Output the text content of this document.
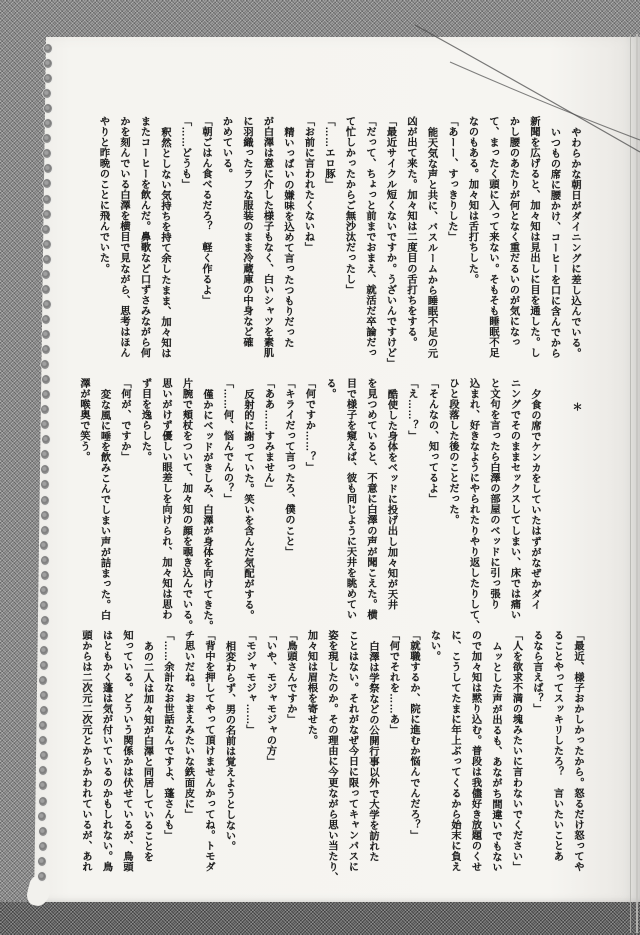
やわらかな朝日がダイニングに差し込んでいる。
いつもの席に腰かけ、コーヒーを口に含んでから
新聞を広げると、加々知は見出しに目を通した。し
かし腰のあたりが何となく重だるいのが気になっ
て、まったく頭に入って来ない。そもそも睡眠不足
なのもある。加々知は舌打ちした。
「あーー、すっきりした」
能天気な声と共に、バスルームから睡眠不足の元
凶が出て来た。加々知は二度目の舌打ちをする。
「最近サイクル短くないですか。うざいんですけど」
「だって、ちょっと前までおまえ、就活だ卒論だっ
て忙しかったからご無沙汰だったし」
「……エロ豚」
「お前に言われたくないね」
精いっぱいの嫌味を込めて言ったつもりだった
が白澤は意に介した様子もなく、白いシャツを素肌
に羽織ったラフな服装のまま冷蔵庫の中身など確
かめている。
「朝ごはん食べるだろ？　軽く作るよ」
「……どうも」
釈然としない気持ちを持て余したまま、加々知は
またコーヒーを飲んだ。鼻歌など口ずさみながら何
かを刻んでいる白澤を横目で見ながら、思考はほん
やりと昨晩のことに飛んでいた。
＊
夕食の席でケンカをしていたはずがなぜかダイ
ニングでそのままセックスしてしまい、床では痛い
と文句を言ったら白澤の部屋のベッドに引っ張り
込まれ、好きなようにやられたりやり返したりして、
ひと段落した後のことだった。
「そんなの、知ってるよ」
「え……？」
酷使した身体をベッドに投げ出し加々知が天井
を見つめていると、不意に白澤の声が聞こえた。横
目で様子を窺えば、彼も同じように天井を眺めてい
る。
「何ですか……？」
「キライだって言ったろ、僕のこと」
「ああ……すみません」
反射的に謝っていた。笑いを含んだ気配がする。
「……何、悩んでんの？」
僅かにベッドがきしみ、白澤が身体を向けてきた。
片腕で頬杖をついて、加々知の顔を覗き込んでいる。
思いがけず優しい眼差しを向けられ、加々知は思わ
ず目を逸らした。
「何が、ですか」
変な風に唾を飲みこんでしまい声が詰まった。白
澤が喉奥で笑う。
「最近、様子おかしかったから。怒るだけ怒ってや
ることやってスッキリしたろ？　言いたいことあ
るなら言えば？」
「人を欲求不満の塊みたいに言わないでください」
ムッとした声が出るも、あながち間違いでもない
ので加々知は黙り込む。普段は我儘好き放題のくせ
に、こうしてたまに年上ぶってくるから始末に負え
ない。
「就職するか、院に進むか悩んでんだろ？」
「何でそれを……あ」
白澤は学祭などの公開行事以外で大学を訪れた
ことはない。それがなぜ今日に限ってキャンパスに
姿を現したのか。その理由に今更ながら思い当たり、
加々知は眉根を寄せた。
「鳥頭さんですか」
「いや、モジャモジャの方」
「モジャモジャ……」
相変わらず、男の名前は覚えようとしない。
「背中を押してやって頂けませんかってね。トモダ
チ思いだね。おまえみたいな鉄面皮に」
「……余計なお世話なんですよ、蓬さんも」
あの二人は加々知が白澤と同居していることを
知っている。どういう関係かは伏せているが、鳥頭
はともかく蓬は気が付いているのかもしれない。鳥
頭からは二次元二次元とからかわれているが、あれ
